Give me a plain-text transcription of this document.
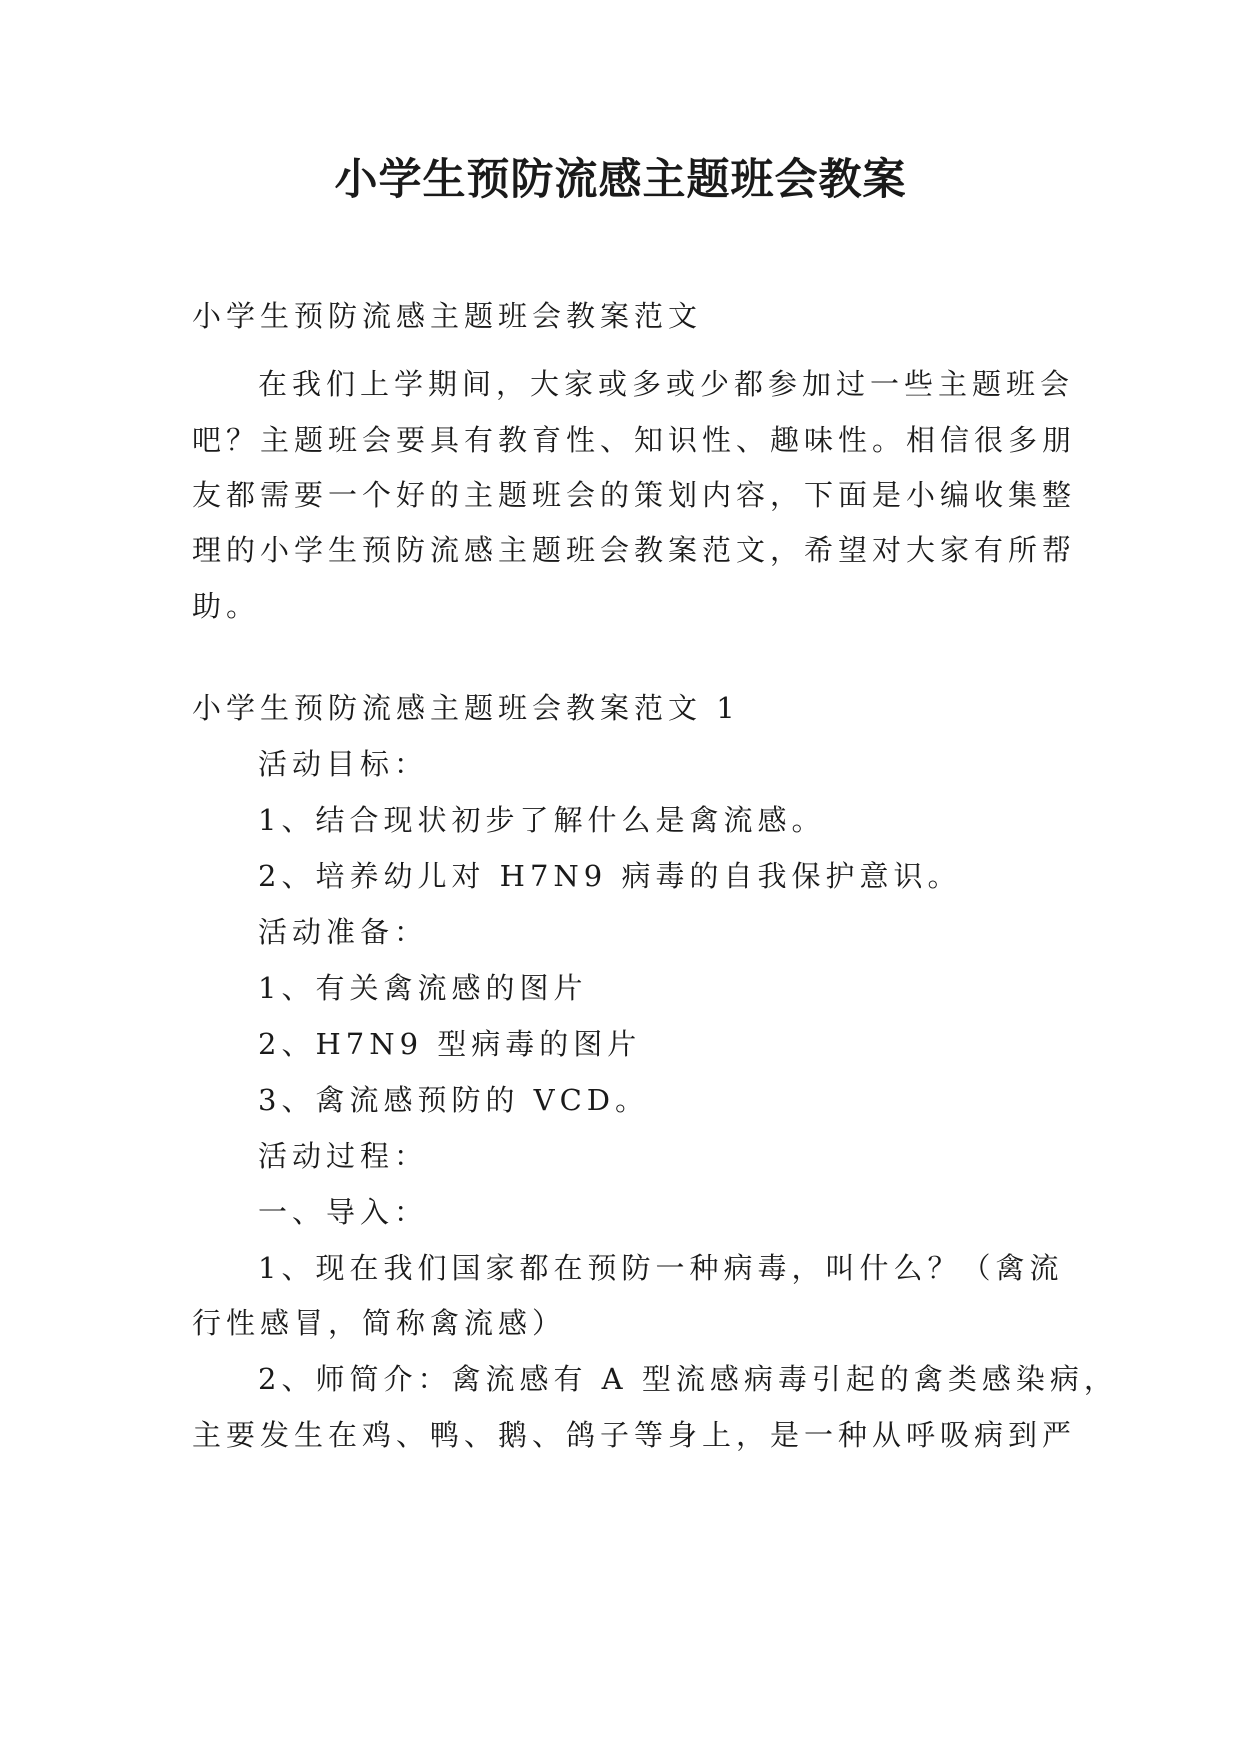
小学生预防流感主题班会教案
小学生预防流感主题班会教案范文
在我们上学期间，大家或多或少都参加过一些主题班会
吧？主题班会要具有教育性、知识性、趣味性。相信很多朋
友都需要一个好的主题班会的策划内容，下面是小编收集整
理的小学生预防流感主题班会教案范文，希望对大家有所帮
助。
小学生预防流感主题班会教案范文 1
活动目标：
1、结合现状初步了解什么是禽流感。
2、培养幼儿对 H7N9 病毒的自我保护意识。
活动准备：
1、有关禽流感的图片
2、H7N9 型病毒的图片
3、禽流感预防的 VCD。
活动过程：
一、导入：
1、现在我们国家都在预防一种病毒，叫什么？（禽流
行性感冒，简称禽流感）
2、师简介：禽流感有 A 型流感病毒引起的禽类感染病，
主要发生在鸡、鸭、鹅、鸽子等身上，是一种从呼吸病到严
